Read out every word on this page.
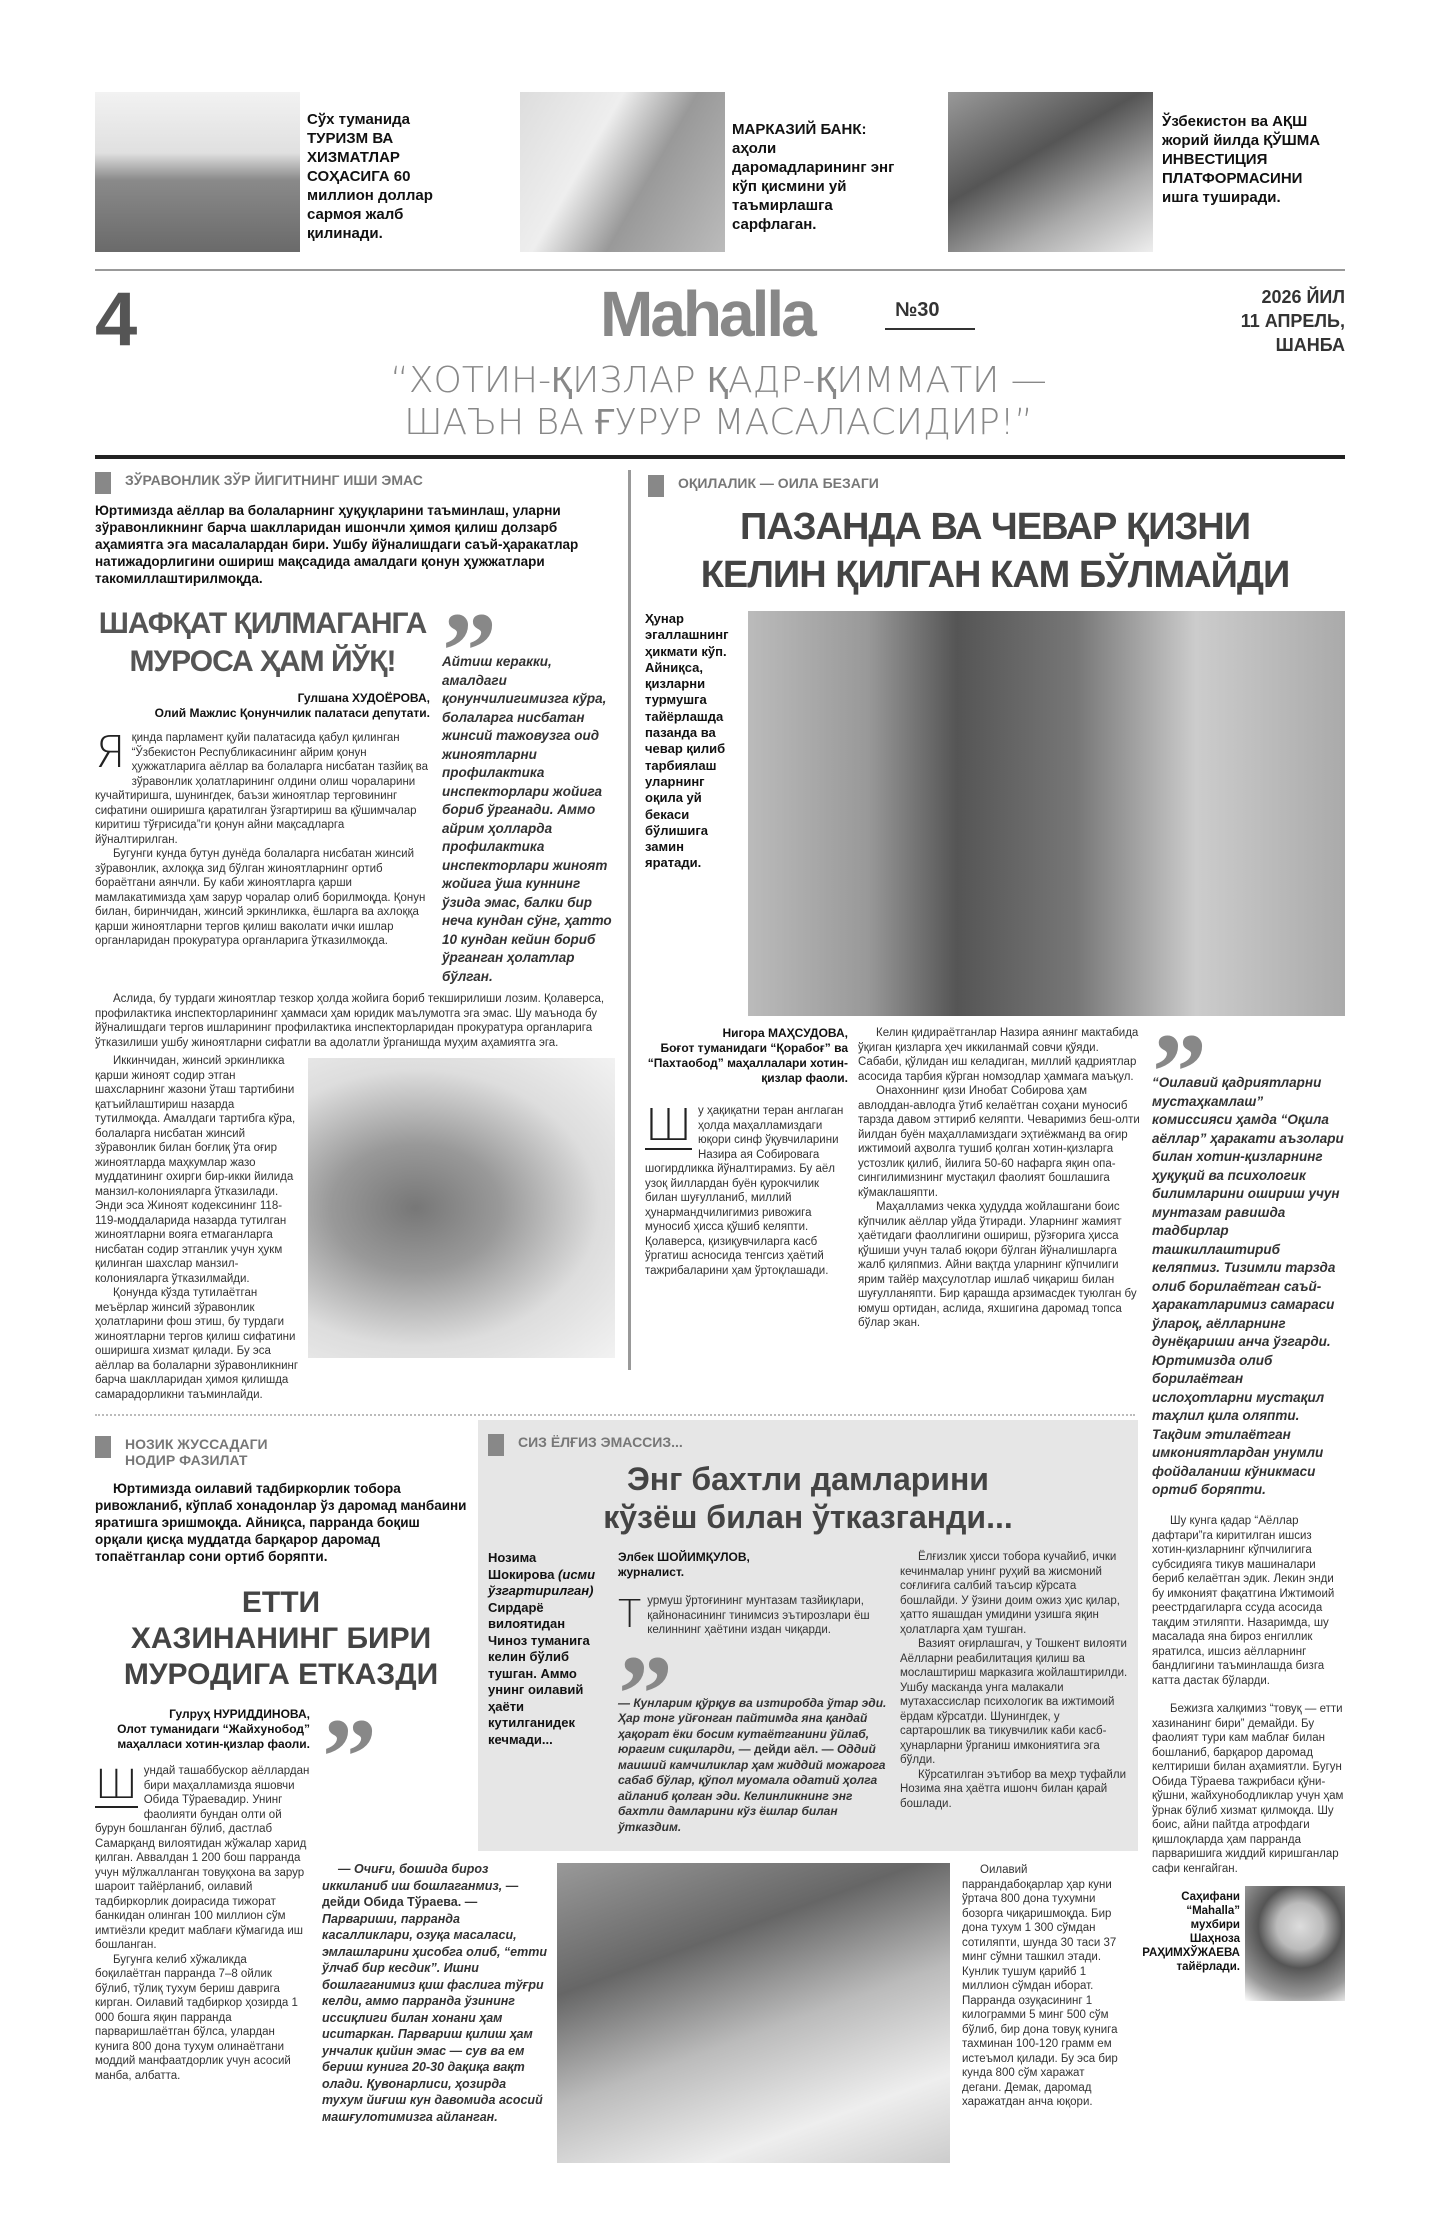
Сўх туманида ТУРИЗМ ВА ХИЗМАТЛАР СОҲАСИГА 60 миллион доллар сармоя жалб қилинади.
МАРКАЗИЙ БАНК: аҳоли даромадларининг энг кўп қисмини уй таъмирлашга сарфлаган.
Ўзбекистон ва АҚШ жорий йилда ҚЎШМА ИНВЕСТИЦИЯ ПЛАТФОРМАСИНИ ишга туширади.
4	Mahalla	№30
2026 ЙИЛ
11 АПРЕЛЬ,
ШАНБА
“ХОТИН-ҚИЗЛАР ҚАДР-ҚИММАТИ —
ШАЪН ВА ҒУРУР МАСАЛАСИДИР!”
ЗЎРАВОНЛИК ЗЎР ЙИГИТНИНГ ИШИ ЭМАС
Юртимизда аёллар ва болаларнинг ҳуқуқларини таъминлаш, уларни зўравонликнинг барча шаклларидан ишончли ҳимоя қилиш долзарб аҳамиятга эга масалалардан бири. Ушбу йўналишдаги саъй-ҳаракатлар натижадорлигини ошириш мақсадида амалдаги қонун ҳужжатлари такомиллаштирилмоқда.
ШАФҚАТ ҚИЛМАГАНГА
МУРОСА ҲАМ ЙЎҚ!
Гулшана ХУДОЁРОВА,
Олий Мажлис Қонунчилик палатаси депутати.

Яқинда парламент қуйи палатасида қабул қилинган “Ўзбекистон Республикасининг айрим қонун ҳужжатларига аёллар ва болаларга нисбатан тазйиқ ва зўравонлик ҳолатларининг олдини олиш чораларини кучайтиришга, шунингдек, баъзи жиноятлар терговининг сифатини оширишга қаратилган ўзгартириш ва қўшимчалар киритиш тўғрисида”ги қонун айни мақсадларга йўналтирилган.

Бугунги кунда бутун дунёда болаларга нисбатан жинсий зўравонлик, ахлоққа зид бўлган жиноятларнинг ортиб бораётгани аянчли. Бу каби жиноятларга қарши мамлакатимизда ҳам зарур чоралар олиб борилмоқда. Қонун билан, биринчидан, жинсий эркинликка, ёшларга ва ахлоққа қарши жиноятларни тергов қилиш ваколати ички ишлар органларидан прокуратура органларига ўтказилмоқда.

Айтиш керакки, амалдаги қонунчилигимизга кўра, болаларга нисбатан жинсий тажовузга оид жиноятларни профилактика инспекторлари жойига бориб ўрганади. Аммо айрим ҳолларда профилактика инспекторлари жиноят жойига ўша куннинг ўзида эмас, балки бир неча кундан сўнг, ҳатто 10 кундан кейин бориб ўрганган ҳолатлар бўлган.

Аслида, бу турдаги жиноятлар тезкор ҳолда жойига бориб текширилиши лозим. Қолаверса, профилактика инспекторларининг ҳаммаси ҳам юридик маълумотга эга эмас. Шу маънода бу йўналишдаги тергов ишларининг профилактика инспекторларидан прокуратура органларига ўтказилиши ушбу жиноятларни сифатли ва адолатли ўрганишда муҳим аҳамиятга эга.

Иккинчидан, жинсий эркинликка қарши жиноят содир этган шахсларнинг жазони ўташ тартибини қатъийлаштириш назарда тутилмоқда. Амалдаги тартибга кўра, болаларга нисбатан жинсий зўравонлик билан боғлиқ ўта оғир жиноятларда маҳкумлар жазо муддатининг охирги бир-икки йилида манзил-колонияларга ўтказилади. Энди эса Жиноят кодексининг 118-119-моддаларида назарда тутилган жиноятларни вояга етмаганларга нисбатан содир этганлик учун ҳукм қилинган шахслар манзил-колонияларга ўтказилмайди.

Қонунда кўзда тутилаётган меъёрлар жинсий зўравонлик ҳолатларини фош этиш, бу турдаги жиноятларни тергов қилиш сифатини оширишга хизмат қилади. Бу эса аёллар ва болаларни зўравонликнинг барча шаклларидан ҳимоя қилишда самарадорликни таъминлайди.

ОҚИЛАЛИК — ОИЛА БЕЗАГИ
ПАЗАНДА ВА ЧЕВАР ҚИЗНИ
КЕЛИН ҚИЛГАН КАМ БЎЛМАЙДИ
Ҳунар эгаллашнинг ҳикмати кўп. Айниқса, қизларни турмушга тайёрлашда пазанда ва чевар қилиб тарбиялаш уларнинг оқила уй бекаси бўлишига замин яратади.
Нигора МАҲСУДОВА,
Боғот туманидаги “Қорабоғ” ва “Пахтаобод” маҳаллалари хотин-қизлар фаоли.

Ш у ҳақиқатни теран англаган ҳолда маҳалламиздаги юқори синф ўқувчиларини Назира ая Собировага шогирдликка йўналтирамиз. Бу аёл узоқ йиллардан буён қурокчилик билан шуғулланиб, миллий ҳунармандчилигимиз ривожига муносиб ҳисса қўшиб келяпти. Қолаверса, қизиқувчиларга касб ўргатиш асносида тенгсиз ҳаётий тажрибаларини ҳам ўртоқлашади.

Келин қидираётганлар Назира аянинг мактабида ўқиган қизларга ҳеч иккиланмай совчи қўяди. Сабаби, қўлидан иш келадиган, миллий қадриятлар асосида тарбия кўрган номзодлар ҳаммага маъқул.

Онахоннинг қизи Инобат Собирова ҳам авлоддан-авлодга ўтиб келаётган соҳани муносиб тарзда давом эттириб келяпти. Чеваримиз беш-олти йилдан буён маҳалламиздаги эҳтиёжманд ва оғир ижтимоий аҳволга тушиб қолган хотин-қизларга устозлик қилиб, йилига 50-60 нафарга яқин опа-сингилимизнинг мустақил фаолият бошлашига кўмаклашяпти.

Маҳалламиз чекка ҳудудда жойлашгани боис кўпчилик аёллар уйда ўтиради. Уларнинг жамият ҳаётидаги фаоллигини ошириш, рўзғорига ҳисса қўшиши учун талаб юқори бўлган йўналишларга жалб қиляпмиз. Айни вақтда уларнинг кўпчилиги ярим тайёр маҳсулотлар ишлаб чиқариш билан шуғулланяпти. Бир қарашда арзимасдек туюлган бу юмуш ортидан, аслида, яхшигина даромад топса бўлар экан.

“Оилавий қадриятларни мустаҳкамлаш” комиссияси ҳамда “Оқила аёллар” ҳаракати аъзолари билан хотин-қизларнинг ҳуқуқий ва психологик билимларини ошириш учун мунтазам равишда тадбирлар ташкиллаштириб келяпмиз. Тизимли тарзда олиб борилаётган саъй-ҳаракатларимиз самараси ўлароқ, аёлларнинг дунёқариши анча ўзгарди. Юртимизда олиб борилаётган ислоҳотларни мустақил таҳлил қила оляпти. Тақдим этилаётган имкониятлардан унумли фойдаланиш кўникмаси ортиб боряпти.

Шу кунга қадар “Аёллар дафтари”га киритилган ишсиз хотин-қизларнинг кўпчилигига субсидияга тикув машиналари бериб келаётган эдик. Лекин энди бу имконият фақатгина Ижтимоий реестрдагиларга ссуда асосида тақдим этиляпти. Назаримда, шу масалада яна бироз енгиллик яратилса, ишсиз аёлларнинг бандлигини таъминлашда бизга катта дастак бўларди.

СИЗ ЁЛҒИЗ ЭМАССИЗ...
Энг бахтли дамларини
кўзёш билан ўтказганди...
Нозима Шокирова (исми ўзгартирилган) Сирдарё вилоятидан Чиноз туманига келин бўлиб тушган. Аммо унинг оилавий ҳаёти кутилганидек кечмади...
Элбек ШОЙИМҚУЛОВ,
журналист.

Турмуш ўртоғининг мунтазам тазйиқлари, қайнонасининг тинимсиз эътирозлари ёш келиннинг ҳаётини издан чиқарди.

— Кунларим қўрқув ва изтиробда ўтар эди. Ҳар тонг уйғонган пайтимда яна қандай ҳақорат ёки босим кутаётганини ўйлаб, юрагим сиқиларди, — дейди аёл. — Оддий маиший камчиликлар ҳам жиддий можарога сабаб бўлар, қўпол муомала одатий ҳолга айланиб қолган эди. Келинликнинг энг бахтли дамларини кўз ёшлар билан ўтказдим.

Ёлғизлик ҳисси тобора кучайиб, ички кечинмалар унинг руҳий ва жисмоний соғлиғига салбий таъсир кўрсата бошлайди. У ўзини доим ожиз ҳис қилар, ҳатто яшашдан умидини узишга яқин ҳолатларга ҳам тушган.

Вазият оғирлашгач, у Тошкент вилояти Аёлларни реабилитация қилиш ва мослаштириш марказига жойлаштирилди. Ушбу масканда унга малакали мутахассислар психологик ва ижтимоий ёрдам кўрсатди. Шунингдек, у сартарошлик ва тикувчилик каби касб-ҳунарларни ўрганиш имкониятига эга бўлди.

Кўрсатилган эътибор ва меҳр туфайли Нозима яна ҳаётга ишонч билан қарай бошлади.

НОЗИК ЖУССАДАГИ
НОДИР ФАЗИЛАТ
Юртимизда оилавий тадбиркорлик тобора ривожланиб, кўплаб хонадонлар ўз даромад манбаини яратишга эришмоқда. Айниқса, парранда боқиш орқали қисқа муддатда барқарор даромад топаётганлар сони ортиб боряпти.
ЕТТИ
ХАЗИНАНИНГ БИРИ
МУРОДИГА ЕТКАЗДИ
Гулруҳ НУРИДДИНОВА,
Олот туманидаги “Жайхунобод” маҳалласи хотин-қизлар фаоли.

Ш ундай ташаббускор аёллардан бири маҳалламизда яшовчи Обида Тўраевадир. Унинг фаолияти бундан олти ой бурун бошланган бўлиб, дастлаб Самарқанд вилоятидан жўжалар харид қилган. Аввалдан 1 200 бош парранда учун мўлжалланган товуқхона ва зарур шароит тайёрланиб, оилавий тадбиркорлик доирасида тижорат банкидан олинган 100 миллион сўм имтиёзли кредит маблағи кўмагида иш бошланган.

Бугунга келиб хўжаликда боқилаётган парранда 7–8 ойлик бўлиб, тўлиқ тухум бериш даврига кирган. Оилавий тадбиркор ҳозирда 1 000 бошга яқин парранда парваришлаётган бўлса, улардан кунига 800 дона тухум олинаётгани моддий манфаатдорлик учун асосий манба, албатта.

— Очиғи, бошида бироз иккиланиб иш бошлаганмиз, — дейди Обида Тўраева. — Парвариши, парранда касалликлари, озуқа масаласи, эмлашларини ҳисобга олиб, “етти ўлчаб бир кесдик”. Ишни бошлаганимиз қиш фаслига тўғри келди, аммо парранда ўзининг иссиқлиги билан хонани ҳам иситаркан. Парвариш қилиш ҳам унчалик қийин эмас — сув ва ем бериш кунига 20-30 дақиқа вақт олади. Қувонарлиси, ҳозирда тухум йиғиш кун давомида асосий машғулотимизга айланган.

Оилавий паррандабоқарлар ҳар куни ўртача 800 дона тухумни бозорга чиқаришмоқда. Бир дона тухум 1 300 сўмдан сотиляпти, шунда 30 таси 37 минг сўмни ташкил этади. Кунлик тушум қарийб 1 миллион сўмдан иборат. Парранда озуқасининг 1 килограмми 5 минг 500 сўм бўлиб, бир дона товуқ кунига тахминан 100-120 грамм ем истеъмол қилади. Бу эса бир кунда 800 сўм харажат дегани. Демак, даромад харажатдан анча юқори.

Бежизга халқимиз “товуқ — етти хазинанинг бири” демайди. Бу фаолият тури кам маблағ билан бошланиб, барқарор даромад келтириши билан аҳамиятли. Бугун Обида Тўраева тажрибаси қўни-қўшни, жайхунободликлар учун ҳам ўрнак бўлиб хизмат қилмоқда. Шу боис, айни пайтда атрофдаги қишлоқларда ҳам парранда парваришига жиддий киришганлар сафи кенгайган.

Саҳифани
“Mahalla” мухбири
Шаҳноза
РАҲИМХЎЖАЕВА
тайёрлади.
